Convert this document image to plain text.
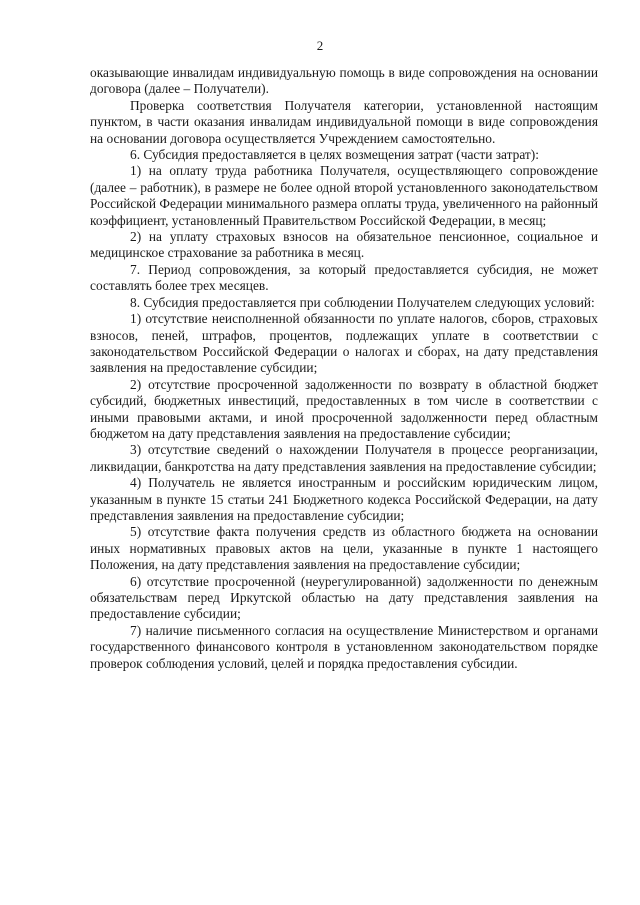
2

оказывающие инвалидам индивидуальную помощь в виде сопровождения на основании договора (далее – Получатели).

Проверка соответствия Получателя категории, установленной настоящим пунктом, в части оказания инвалидам индивидуальной помощи в виде сопровождения на основании договора осуществляется Учреждением самостоятельно.

6. Субсидия предоставляется в целях возмещения затрат (части затрат):

1) на оплату труда работника Получателя, осуществляющего сопровождение (далее – работник), в размере не более одной второй установленного законодательством Российской Федерации минимального размера оплаты труда, увеличенного на районный коэффициент, установленный Правительством Российской Федерации, в месяц;

2) на уплату страховых взносов на обязательное пенсионное, социальное и медицинское страхование за работника в месяц.

7. Период сопровождения, за который предоставляется субсидия, не может составлять более трех месяцев.

8. Субсидия предоставляется при соблюдении Получателем следующих условий:

1) отсутствие неисполненной обязанности по уплате налогов, сборов, страховых взносов, пеней, штрафов, процентов, подлежащих уплате в соответствии с законодательством Российской Федерации о налогах и сборах, на дату представления заявления на предоставление субсидии;

2) отсутствие просроченной задолженности по возврату в областной бюджет субсидий, бюджетных инвестиций, предоставленных в том числе в соответствии с иными правовыми актами, и иной просроченной задолженности перед областным бюджетом на дату представления заявления на предоставление субсидии;

3) отсутствие сведений о нахождении Получателя в процессе реорганизации, ликвидации, банкротства на дату представления заявления на предоставление субсидии;

4) Получатель не является иностранным и российским юридическим лицом, указанным в пункте 15 статьи 241 Бюджетного кодекса Российской Федерации, на дату представления заявления на предоставление субсидии;

5) отсутствие факта получения средств из областного бюджета на основании иных нормативных правовых актов на цели, указанные в пункте 1 настоящего Положения, на дату представления заявления на предоставление субсидии;

6) отсутствие просроченной (неурегулированной) задолженности по денежным обязательствам перед Иркутской областью на дату представления заявления на предоставление субсидии;

7) наличие письменного согласия на осуществление Министерством и органами государственного финансового контроля в установленном законодательством порядке проверок соблюдения условий, целей и порядка предоставления субсидии.
